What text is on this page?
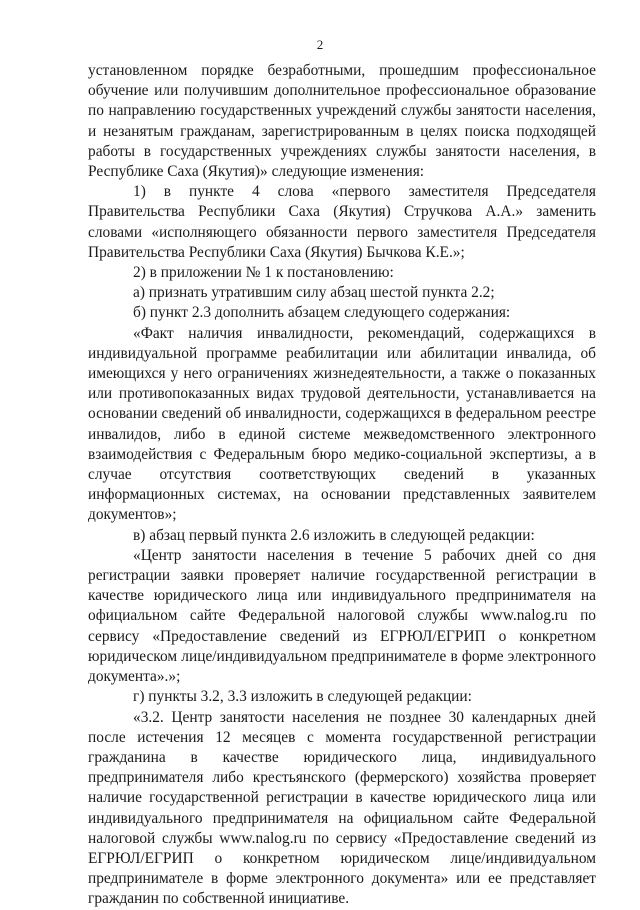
2

установленном порядке безработными, прошедшим профессиональное обучение или получившим дополнительное профессиональное образование по направлению государственных учреждений службы занятости населения, и незанятым гражданам, зарегистрированным в целях поиска подходящей работы в государственных учреждениях службы занятости населения, в Республике Саха (Якутия)» следующие изменения:

1) в пункте 4 слова «первого заместителя Председателя Правительства Республики Саха (Якутия) Стручкова А.А.» заменить словами «исполняющего обязанности первого заместителя Председателя Правительства Республики Саха (Якутия) Бычкова К.Е.»;

2) в приложении № 1 к постановлению:

а) признать утратившим силу абзац шестой пункта 2.2;

б) пункт 2.3 дополнить абзацем следующего содержания:

«Факт наличия инвалидности, рекомендаций, содержащихся в индивидуальной программе реабилитации или абилитации инвалида, об имеющихся у него ограничениях жизнедеятельности, а также о показанных или противопоказанных видах трудовой деятельности, устанавливается на основании сведений об инвалидности, содержащихся в федеральном реестре инвалидов, либо в единой системе межведомственного электронного взаимодействия с Федеральным бюро медико-социальной экспертизы, а в случае отсутствия соответствующих сведений в указанных информационных системах, на основании представленных заявителем документов»;

в) абзац первый пункта 2.6 изложить в следующей редакции:

«Центр занятости населения в течение 5 рабочих дней со дня регистрации заявки проверяет наличие государственной регистрации в качестве юридического лица или индивидуального предпринимателя на официальном сайте Федеральной налоговой службы www.nalog.ru по сервису «Предоставление сведений из ЕГРЮЛ/ЕГРИП о конкретном юридическом лице/индивидуальном предпринимателе в форме электронного документа».»;

г) пункты 3.2, 3.3 изложить в следующей редакции:

«3.2. Центр занятости населения не позднее 30 календарных дней после истечения 12 месяцев с момента государственной регистрации гражданина в качестве юридического лица, индивидуального предпринимателя либо крестьянского (фермерского) хозяйства проверяет наличие государственной регистрации в качестве юридического лица или индивидуального предпринимателя на официальном сайте Федеральной налоговой службы www.nalog.ru по сервису «Предоставление сведений из ЕГРЮЛ/ЕГРИП о конкретном юридическом лице/индивидуальном предпринимателе в форме электронного документа» или ее представляет гражданин по собственной инициативе.
